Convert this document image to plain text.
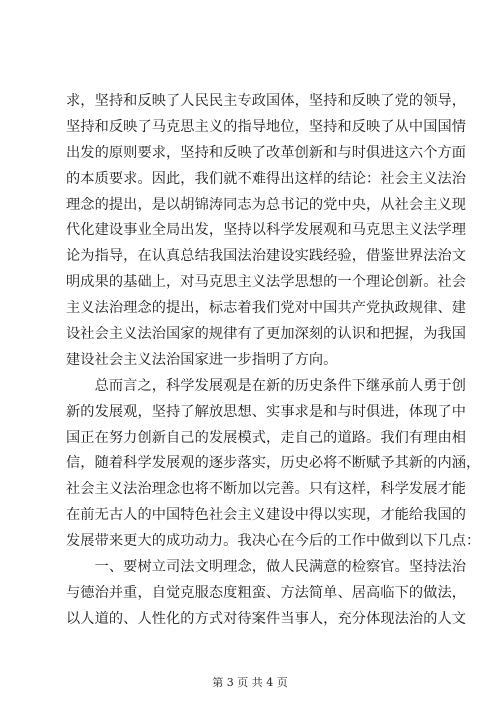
求，坚持和反映了人民民主专政国体，坚持和反映了党的领导，
坚持和反映了马克思主义的指导地位，坚持和反映了从中国国情
出发的原则要求，坚持和反映了改革创新和与时俱进这六个方面
的本质要求。因此，我们就不难得出这样的结论：社会主义法治
理念的提出，是以胡锦涛同志为总书记的党中央，从社会主义现
代化建设事业全局出发，坚持以科学发展观和马克思主义法学理
论为指导，在认真总结我国法治建设实践经验，借鉴世界法治文
明成果的基础上，对马克思主义法学思想的一个理论创新。社会
主义法治理念的提出，标志着我们党对中国共产党执政规律、建
设社会主义法治国家的规律有了更加深刻的认识和把握，为我国
建设社会主义法治国家进一步指明了方向。
　　总而言之，科学发展观是在新的历史条件下继承前人勇于创
新的发展观，坚持了解放思想、实事求是和与时俱进，体现了中
国正在努力创新自己的发展模式，走自己的道路。我们有理由相
信，随着科学发展观的逐步落实，历史必将不断赋予其新的内涵，
社会主义法治理念也将不断加以完善。只有这样，科学发展才能
在前无古人的中国特色社会主义建设中得以实现，才能给我国的
发展带来更大的成功动力。我决心在今后的工作中做到以下几点：
　　一、要树立司法文明理念，做人民满意的检察官。坚持法治
与德治并重，自觉克服态度粗蛮、方法简单、居高临下的做法，
以人道的、人性化的方式对待案件当事人，充分体现法治的人文
第 3 页 共 4 页
